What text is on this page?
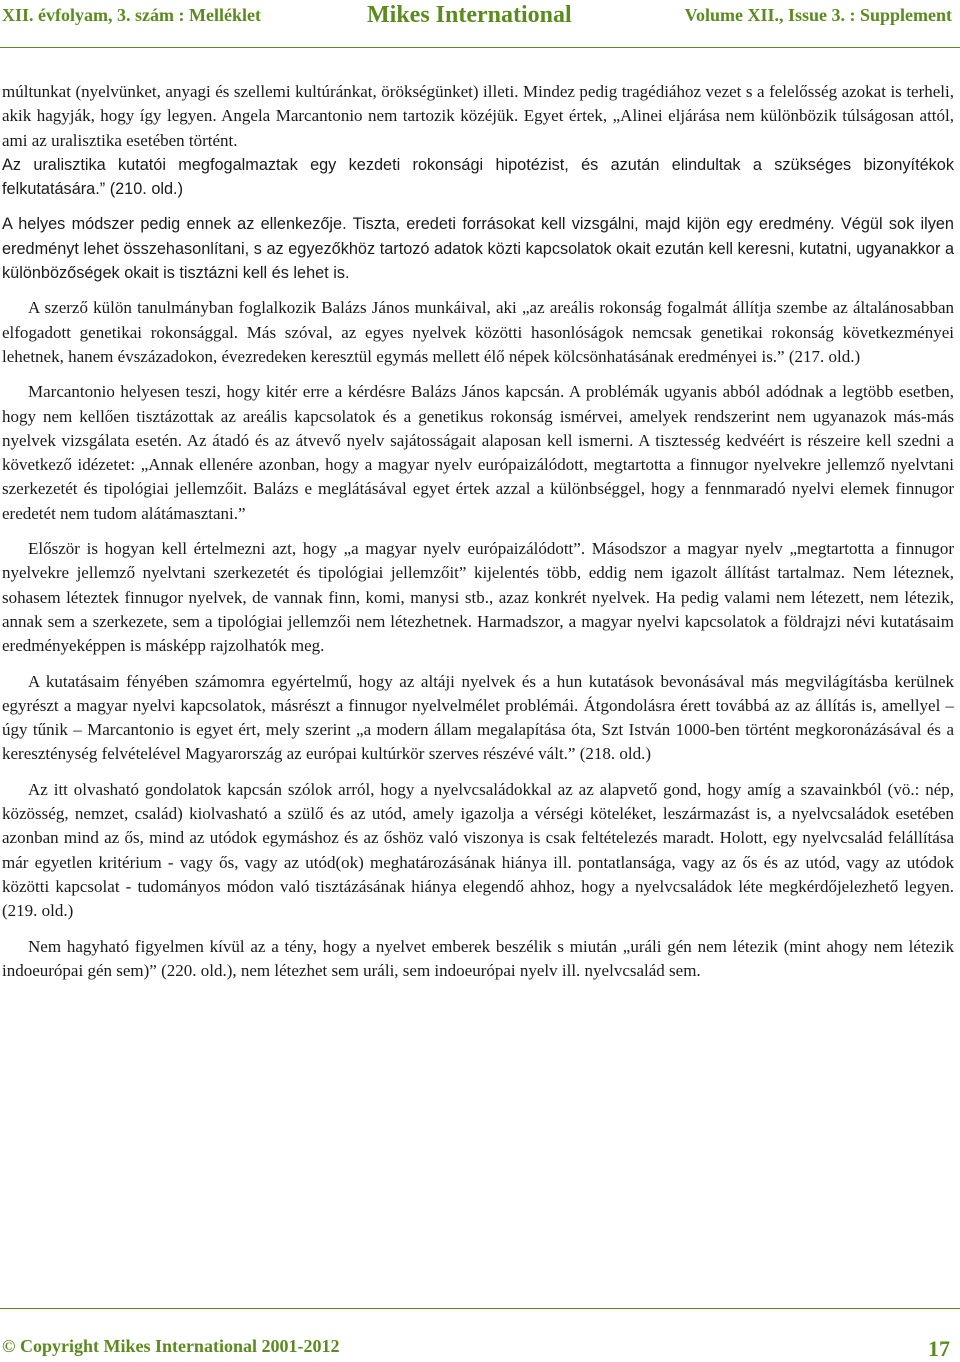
XII. évfolyam, 3. szám : Melléklet	Mikes International	Volume XII., Issue 3. : Supplement

múltunkat (nyelvünket, anyagi és szellemi kultúránkat, örökségünket) illeti. Mindez pedig tragédiához vezet s a felelősség azokat is terheli, akik hagyják, hogy így legyen. Angela Marcantonio nem tartozik közéjük. Egyet értek, „Alinei eljárása nem különbözik túlságosan attól, ami az uralisztika esetében történt.

Az uralisztika kutatói megfogalmaztak egy kezdeti rokonsági hipotézist, és azután elindultak a szükséges bizonyítékok felkutatására.” (210. old.)

A helyes módszer pedig ennek az ellenkezője. Tiszta, eredeti forrásokat kell vizsgálni, majd kijön egy eredmény. Végül sok ilyen eredményt lehet összehasonlítani, s az egyezőkhöz tartozó adatok közti kapcsolatok okait ezután kell keresni, kutatni, ugyanakkor a különbözőségek okait is tisztázni kell és lehet is.

A szerző külön tanulmányban foglalkozik Balázs János munkáival, aki „az areális rokonság fogalmát állítja szembe az általánosabban elfogadott genetikai rokonsággal. Más szóval, az egyes nyelvek közötti hasonlóságok nemcsak genetikai rokonság következményei lehetnek, hanem évszázadokon, évezredeken keresztül egymás mellett élő népek kölcsönhatásának eredményei is.” (217. old.)

Marcantonio helyesen teszi, hogy kitér erre a kérdésre Balázs János kapcsán. A problémák ugyanis abból adódnak a legtöbb esetben, hogy nem kellően tisztázottak az areális kapcsolatok és a genetikus rokonság ismérvei, amelyek rendszerint nem ugyanazok más-más nyelvek vizsgálata esetén. Az átadó és az átvevő nyelv sajátosságait alaposan kell ismerni. A tisztesség kedvéért is részeire kell szedni a következő idézetet: „Annak ellenére azonban, hogy a magyar nyelv európaizálódott, megtartotta a finnugor nyelvekre jellemző nyelvtani szerkezetét és tipológiai jellemzőit. Balázs e meglátásával egyet értek azzal a különbséggel, hogy a fennmaradó nyelvi elemek finnugor eredetét nem tudom alátámasztani.”

Először is hogyan kell értelmezni azt, hogy „a magyar nyelv európaizálódott”. Másodszor a magyar nyelv „megtartotta a finnugor nyelvekre jellemző nyelvtani szerkezetét és tipológiai jellemzőit” kijelentés több, eddig nem igazolt állítást tartalmaz. Nem léteznek, sohasem léteztek finnugor nyelvek, de vannak finn, komi, manysi stb., azaz konkrét nyelvek. Ha pedig valami nem létezett, nem létezik, annak sem a szerkezete, sem a tipológiai jellemzői nem létezhetnek. Harmadszor, a magyar nyelvi kapcsolatok a földrajzi névi kutatásaim eredményeképpen is másképp rajzolhatók meg.

A kutatásaim fényében számomra egyértelmű, hogy az altáji nyelvek és a hun kutatások bevonásával más megvilágításba kerülnek egyrészt a magyar nyelvi kapcsolatok, másrészt a finnugor nyelvelmélet problémái. Átgondolásra érett továbbá az az állítás is, amellyel – úgy tűnik – Marcantonio is egyet ért, mely szerint „a modern állam megalapítása óta, Szt István 1000-ben történt megkoronázásával és a kereszténység felvételével Magyarország az európai kultúrkör szerves részévé vált.” (218. old.)

Az itt olvasható gondolatok kapcsán szólok arról, hogy a nyelvcsaládokkal az az alapvető gond, hogy amíg a szavainkból (vö.: nép, közösség, nemzet, család) kiolvasható a szülő és az utód, amely igazolja a vérségi köteléket, leszármazást is, a nyelvcsaládok esetében azonban mind az ős, mind az utódok egymáshoz és az őshöz való viszonya is csak feltételezés maradt. Holott, egy nyelvcsalád felállítása már egyetlen kritérium - vagy ős, vagy az utód(ok) meghatározásának hiánya ill. pontatlansága, vagy az ős és az utód, vagy az utódok közötti kapcsolat - tudományos módon való tisztázásának hiánya elegendő ahhoz, hogy a nyelvcsaládok léte megkérdőjelezhető legyen. (219. old.)

Nem hagyható figyelmen kívül az a tény, hogy a nyelvet emberek beszélik s miután „uráli gén nem létezik (mint ahogy nem létezik indoeurópai gén sem)” (220. old.), nem létezhet sem uráli, sem indoeurópai nyelv ill. nyelvcsalád sem.

© Copyright Mikes International 2001-2012	17
